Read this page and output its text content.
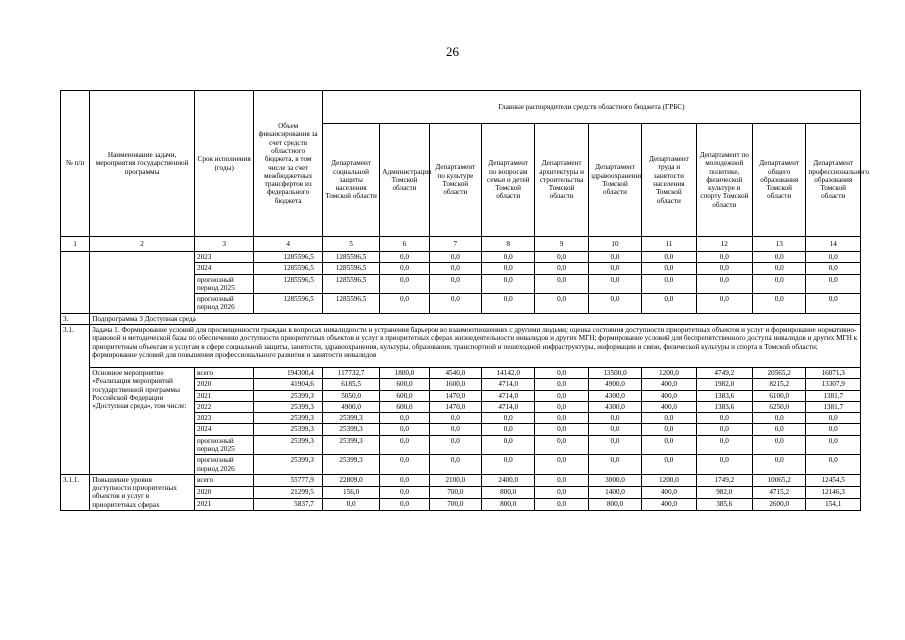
26
№ п/п	Наименование задачи, мероприятия государственной программы	Срок исполнения (годы)	Объем финансирования за счет средств областного бюджета, в том числе за счет межбюджетных трансфертов из федерального бюджета	Главные распорядители средств областного бюджета (ГРБС)									
				Департамент социальной защиты населения Томской области	Администрация Томской области	Департамент по культуре Томской области	Департамент по вопросам семьи и детей Томской области	Департамент архитектуры и строительства Томской области	Департамент здравоохранения Томской области	Департамент труда и занятости населения Томской области	Департамент по молодежной политике, физической культуре и спорту Томской области	Департамент общего образования Томской области	Департамент профессионального образования Томской области
1	2	3	4	5	6	7	8	9	10	11	12	13	14
		2023	1285596,5	1285596,5	0,0	0,0	0,0	0,0	0,0	0,0	0,0	0,0	0,0
		2024	1285596,5	1285596,5	0,0	0,0	0,0	0,0	0,0	0,0	0,0	0,0	0,0
		прогнозный период 2025	1285596,5	1285596,5	0,0	0,0	0,0	0,0	0,0	0,0	0,0	0,0	0,0
		прогнозный период 2026	1285596,5	1285596,5	0,0	0,0	0,0	0,0	0,0	0,0	0,0	0,0	0,0
3.	Подпрограмма 3 Доступная среда												
3.1.	Задача 1. Формирование условий для просвещенности граждан в вопросах инвалидности и устранения барьеров во взаимоотношениях с другими людьми; оценка состояния доступности приоритетных объектов и услуг и формирование нормативно-правовой и методической базы по обеспечению доступности приоритетных объектов и услуг в приоритетных сферах жизнедеятельности инвалидов и других МГН; формирование условий для беспрепятственного доступа инвалидов и других МГН к приоритетным объектам и услугам в сфере социальной защиты, занятости, здравоохранения, культуры, образования, транспортной и пешеходной инфраструктуры, информации и связи, физической культуры и спорта в Томской области; формирование условий для повышения профессионального развития и занятости инвалидов												
	Основное мероприятие «Реализация мероприятий государственной программы Российской Федерации «Доступная среда», том числе:	всего	194300,4	117732,7	1800,0	4540,0	14142,0	0,0	13500,0	1200,0	4749,2	20565,2	16071,3
		2020	41904,6	6185,5	600,0	1600,0	4714,0	0,0	4900,0	400,0	1982,0	8215,2	13307,9
		2021	25399,3	5050,0	600,0	1470,0	4714,0	0,0	4300,0	400,0	1383,6	6100,0	1381,7
		2022	25399,3	4900,0	600,0	1470,0	4714,0	0,0	4300,0	400,0	1383,6	6250,0	1381,7
		2023	25399,3	25399,3	0,0	0,0	0,0	0,0	0,0	0,0	0,0	0,0	0,0
		2024	25399,3	25399,3	0,0	0,0	0,0	0,0	0,0	0,0	0,0	0,0	0,0
		прогнозный период 2025	25399,3	25399,3	0,0	0,0	0,0	0,0	0,0	0,0	0,0	0,0	0,0
		прогнозный период 2026	25399,3	25399,3	0,0	0,0	0,0	0,0	0,0	0,0	0,0	0,0	0,0
3.1.1.	Повышение уровня доступности приоритетных объектов и услуг в приоритетных сферах	всего	55777,9	22809,0	0,0	2100,0	2400,0	0,0	3000,0	1200,0	1749,2	10065,2	12454,5
		2020	21299,5	156,0	0,0	700,0	800,0	0,0	1400,0	400,0	982,0	4715,2	12146,3
		2021	5837,7	0,0	0,0	700,0	800,0	0,0	800,0	400,0	385,6	2600,0	154,1
